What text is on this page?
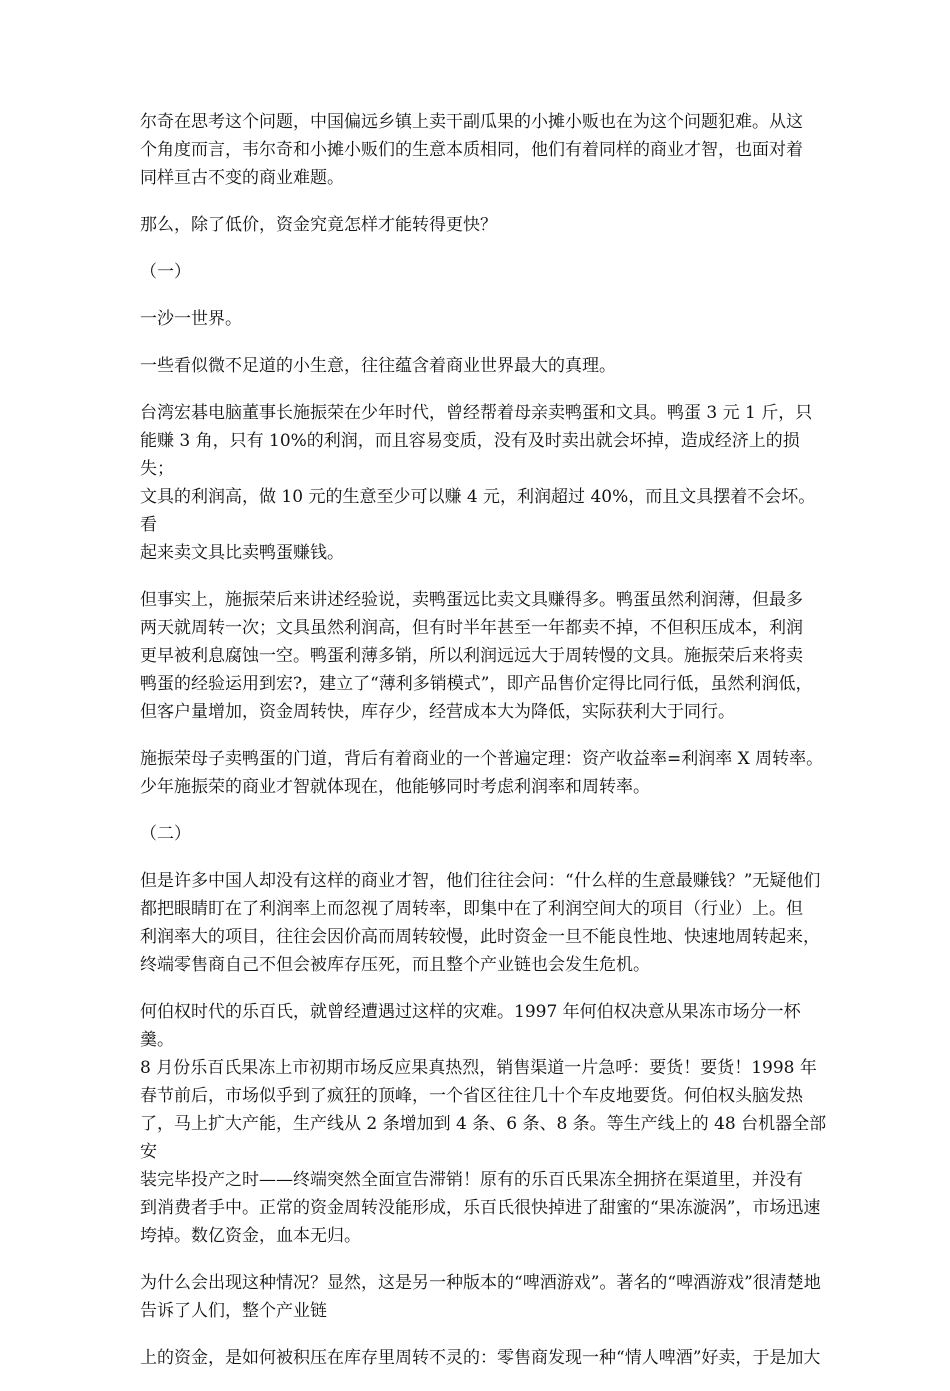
尔奇在思考这个问题，中国偏远乡镇上卖干副瓜果的小摊小贩也在为这个问题犯难。从这
个角度而言，韦尔奇和小摊小贩们的生意本质相同，他们有着同样的商业才智，也面对着
同样亘古不变的商业难题。

那么，除了低价，资金究竟怎样才能转得更快？

（一）

一沙一世界。

一些看似微不足道的小生意，往往蕴含着商业世界最大的真理。

台湾宏碁电脑董事长施振荣在少年时代，曾经帮着母亲卖鸭蛋和文具。鸭蛋 3 元 1 斤，只
能赚 3 角，只有 10%的利润，而且容易变质，没有及时卖出就会坏掉，造成经济上的损失；
文具的利润高，做 10 元的生意至少可以赚 4 元，利润超过 40%，而且文具摆着不会坏。看
起来卖文具比卖鸭蛋赚钱。

但事实上，施振荣后来讲述经验说，卖鸭蛋远比卖文具赚得多。鸭蛋虽然利润薄，但最多
两天就周转一次；文具虽然利润高，但有时半年甚至一年都卖不掉，不但积压成本，利润
更早被利息腐蚀一空。鸭蛋利薄多销，所以利润远远大于周转慢的文具。施振荣后来将卖
鸭蛋的经验运用到宏?，建立了“薄利多销模式”，即产品售价定得比同行低，虽然利润低，
但客户量增加，资金周转快，库存少，经营成本大为降低，实际获利大于同行。

施振荣母子卖鸭蛋的门道，背后有着商业的一个普遍定理：资产收益率=利润率 X 周转率。
少年施振荣的商业才智就体现在，他能够同时考虑利润率和周转率。

（二）

但是许多中国人却没有这样的商业才智，他们往往会问：“什么样的生意最赚钱？”无疑他们
都把眼睛盯在了利润率上而忽视了周转率，即集中在了利润空间大的项目（行业）上。但
利润率大的项目，往往会因价高而周转较慢，此时资金一旦不能良性地、快速地周转起来，
终端零售商自己不但会被库存压死，而且整个产业链也会发生危机。

何伯权时代的乐百氏，就曾经遭遇过这样的灾难。1997 年何伯权决意从果冻市场分一杯羹。
8 月份乐百氏果冻上市初期市场反应果真热烈，销售渠道一片急呼：要货！要货！1998 年
春节前后，市场似乎到了疯狂的顶峰，一个省区往往几十个车皮地要货。何伯权头脑发热
了，马上扩大产能，生产线从 2 条增加到 4 条、6 条、8 条。等生产线上的 48 台机器全部安
装完毕投产之时——终端突然全面宣告滞销！原有的乐百氏果冻全拥挤在渠道里，并没有
到消费者手中。正常的资金周转没能形成，乐百氏很快掉进了甜蜜的“果冻漩涡”，市场迅速
垮掉。数亿资金，血本无归。

为什么会出现这种情况？显然，这是另一种版本的“啤酒游戏”。著名的“啤酒游戏”很清楚地
告诉了人们，整个产业链

上的资金，是如何被积压在库存里周转不灵的：零售商发现一种“情人啤酒”好卖，于是加大
